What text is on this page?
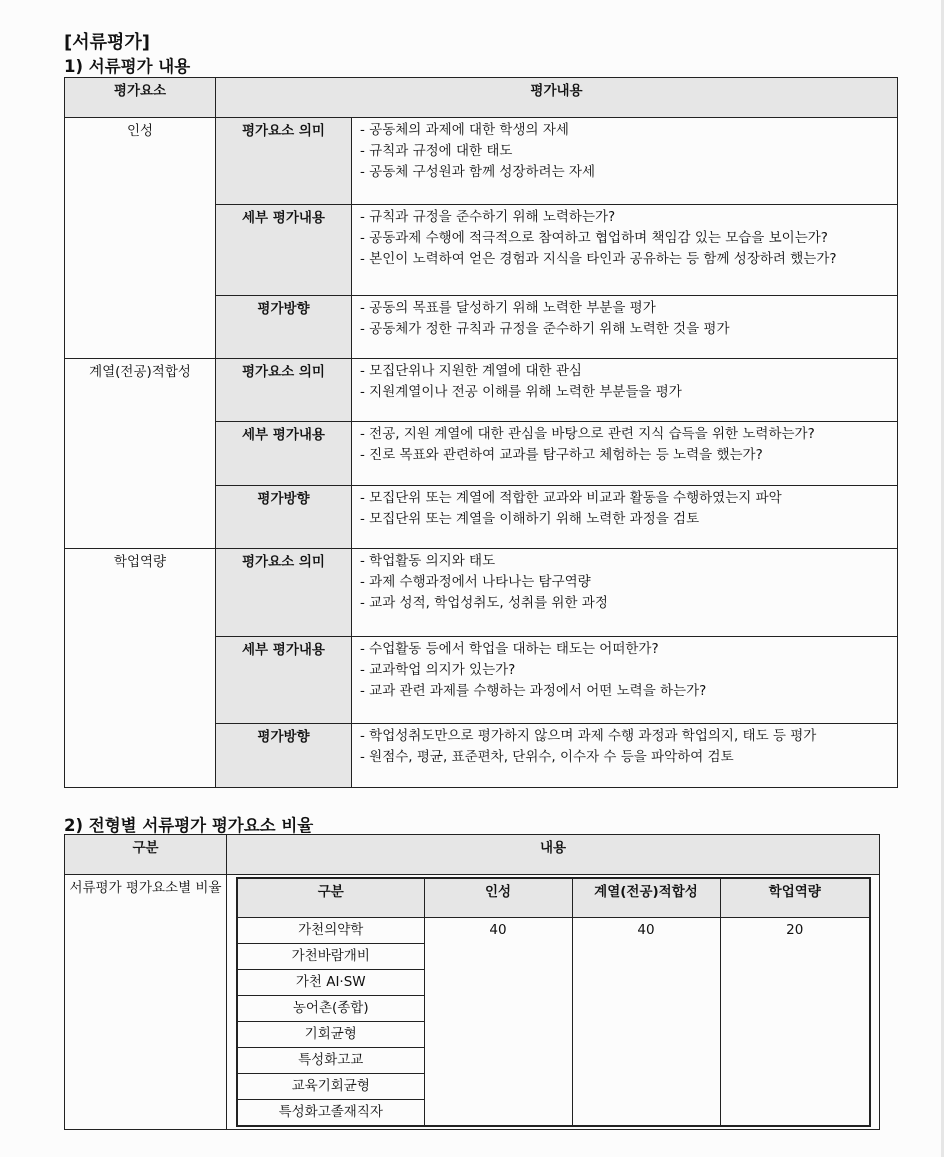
[서류평가]
1) 서류평가 내용
평가요소	평가내용	
인성	평가요소 의미	- 공동체의 과제에 대한 학생의 자세
- 규칙과 규정에 대한 태도
- 공동체 구성원과 함께 성장하려는 자세

	세부 평가내용	- 규칙과 규정을 준수하기 위해 노력하는가?
- 공동과제 수행에 적극적으로 참여하고 협업하며 책임감 있는 모습을 보이는가?
- 본인이 노력하여 얻은 경험과 지식을 타인과 공유하는 등 함께 성장하려 했는가?

	평가방향	- 공동의 목표를 달성하기 위해 노력한 부분을 평가
- 공동체가 정한 규칙과 규정을 준수하기 위해 노력한 것을 평가

계열(전공)적합성	평가요소 의미	- 모집단위나 지원한 계열에 대한 관심
- 지원계열이나 전공 이해를 위해 노력한 부분들을 평가

	세부 평가내용	- 전공, 지원 계열에 대한 관심을 바탕으로 관련 지식 습득을 위한 노력하는가?
- 진로 목표와 관련하여 교과를 탐구하고 체험하는 등 노력을 했는가?

	평가방향	- 모집단위 또는 계열에 적합한 교과와 비교과 활동을 수행하였는지 파악
- 모집단위 또는 계열을 이해하기 위해 노력한 과정을 검토

학업역량	평가요소 의미	- 학업활동 의지와 태도
- 과제 수행과정에서 나타나는 탐구역량
- 교과 성적, 학업성취도, 성취를 위한 과정

	세부 평가내용	- 수업활동 등에서 학업을 대하는 태도는 어떠한가?
- 교과학업 의지가 있는가?
- 교과 관련 과제를 수행하는 과정에서 어떤 노력을 하는가?

	평가방향	- 학업성취도만으로 평가하지 않으며 과제 수행 과정과 학업의지, 태도 등 평가
- 원점수, 평균, 표준편차, 단위수, 이수자 수 등을 파악하여 검토
2) 전형별 서류평가 평가요소 비율
구분	내용
서류평가 평가요소별 비율		구분	인성	계열(전공)적합성	학업역량
가천의약학	40	40	20
가천바람개비
가천 AI·SW
농어촌(종합)
기회균형
특성화고교
교육기회균형
특성화고졸재직자
